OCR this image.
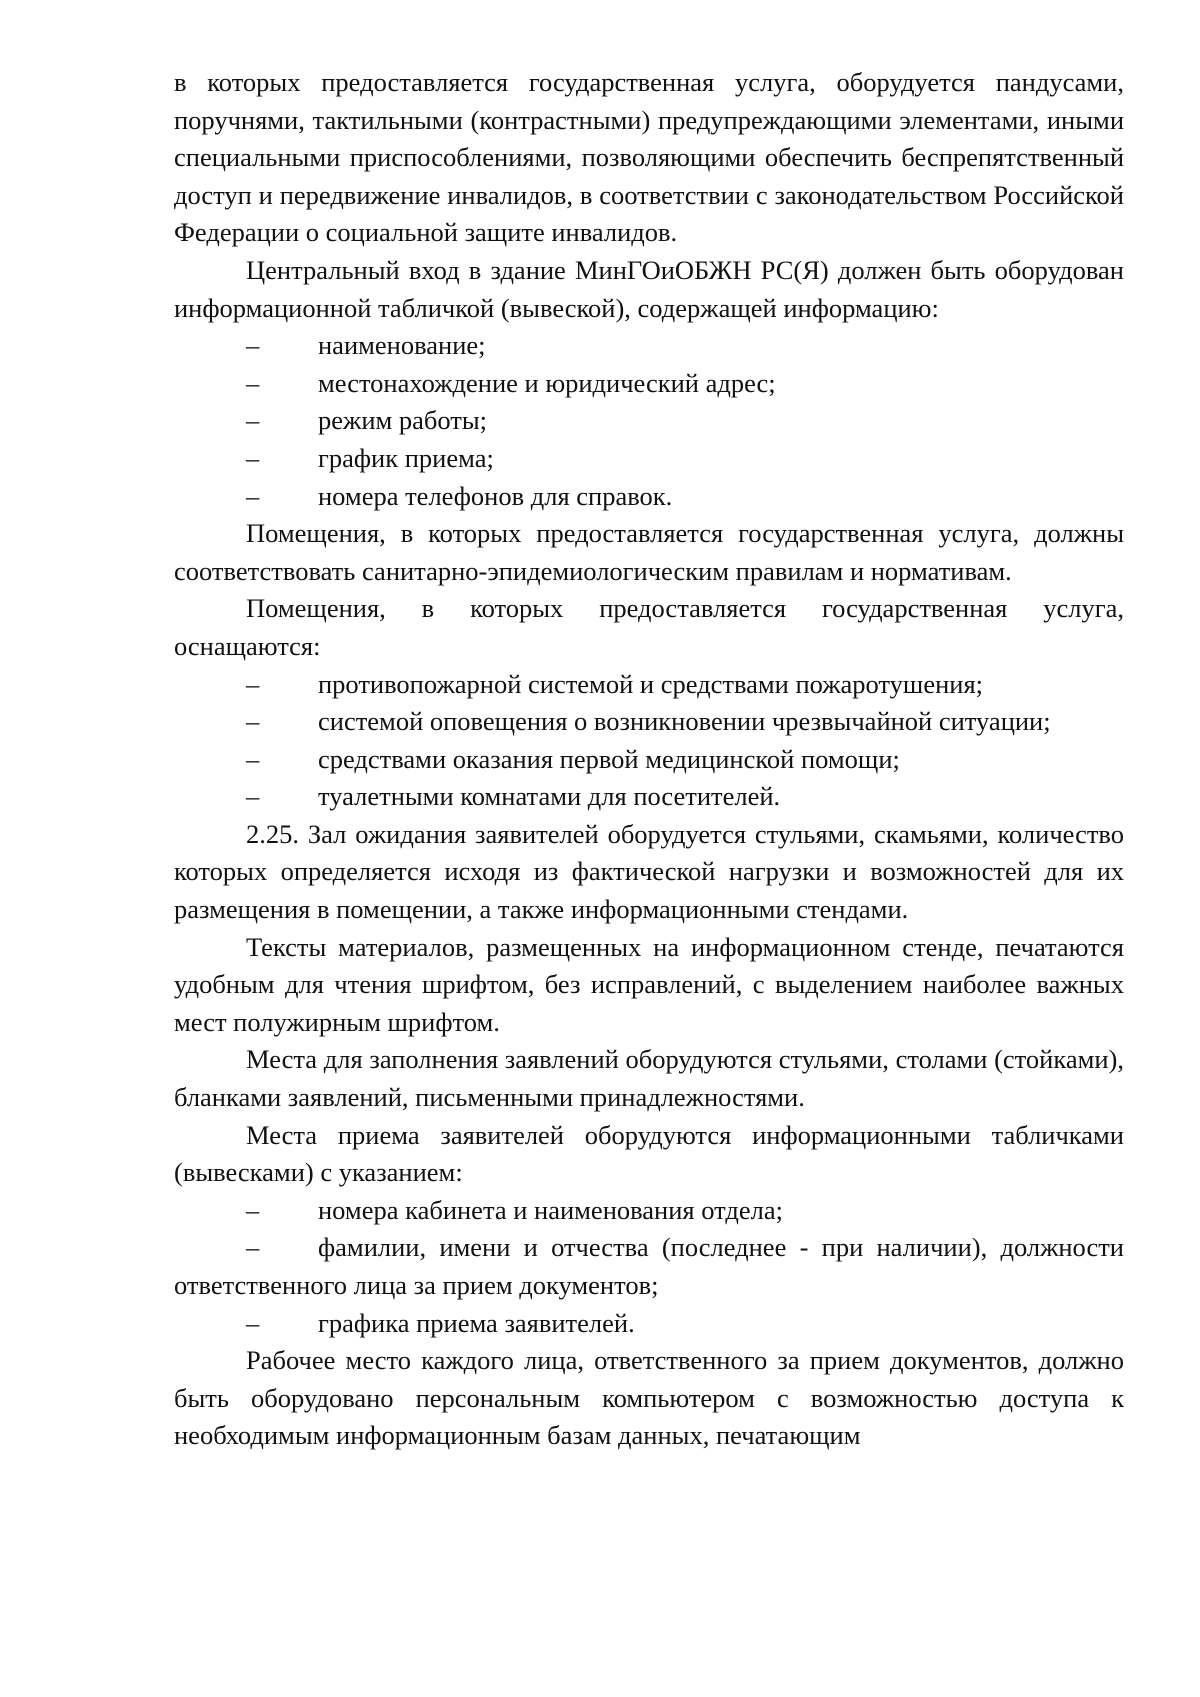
в которых предоставляется государственная услуга, оборудуется пандусами, поручнями, тактильными (контрастными) предупреждающими элементами, иными специальными приспособлениями, позволяющими обеспечить беспрепятственный доступ и передвижение инвалидов, в соответствии с законодательством Российской Федерации о социальной защите инвалидов.

Центральный вход в здание МинГОиОБЖН РС(Я) должен быть оборудован информационной табличкой (вывеской), содержащей информацию:

– наименование;

– местонахождение и юридический адрес;

– режим работы;

– график приема;

– номера телефонов для справок.

Помещения, в которых предоставляется государственная услуга, должны соответствовать санитарно-эпидемиологическим правилам и нормативам.

Помещения, в которых предоставляется государственная услуга, оснащаются:

– противопожарной системой и средствами пожаротушения;

– системой оповещения о возникновении чрезвычайной ситуации;

– средствами оказания первой медицинской помощи;

– туалетными комнатами для посетителей.

2.25. Зал ожидания заявителей оборудуется стульями, скамьями, количество которых определяется исходя из фактической нагрузки и возможностей для их размещения в помещении, а также информационными стендами.

Тексты материалов, размещенных на информационном стенде, печатаются удобным для чтения шрифтом, без исправлений, с выделением наиболее важных мест полужирным шрифтом.

Места для заполнения заявлений оборудуются стульями, столами (стойками), бланками заявлений, письменными принадлежностями.

Места приема заявителей оборудуются информационными табличками (вывесками) с указанием:

– номера кабинета и наименования отдела;

– фамилии, имени и отчества (последнее - при наличии), должности ответственного лица за прием документов;

– графика приема заявителей.

Рабочее место каждого лица, ответственного за прием документов, должно быть оборудовано персональным компьютером с возможностью доступа к необходимым информационным базам данных, печатающим
